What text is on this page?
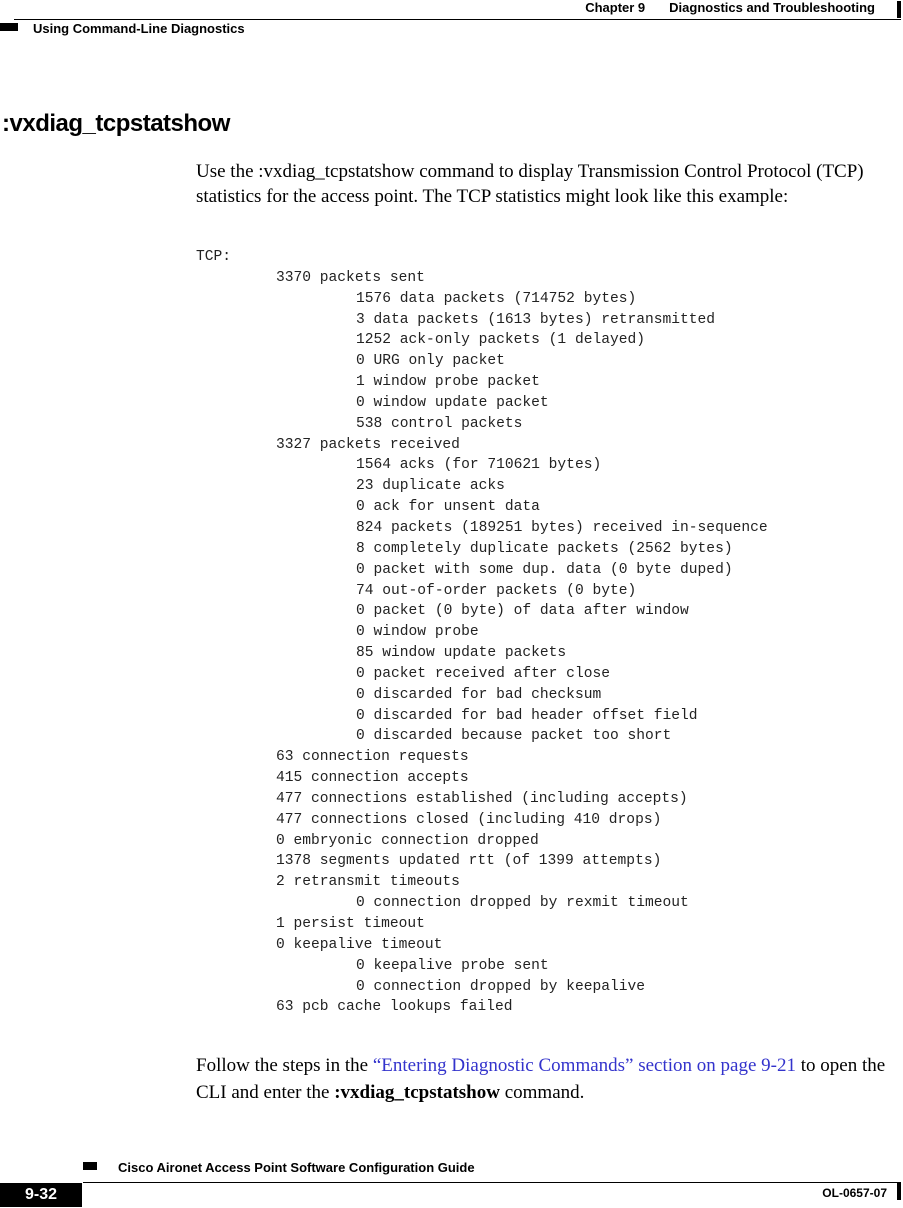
Chapter 9 Diagnostics and Troubleshooting
Using Command-Line Diagnostics
:vxdiag_tcpstatshow

Use the :vxdiag_tcpstatshow command to display Transmission Control Protocol (TCP) statistics for the access point. The TCP statistics might look like this example:

TCP:
3370 packets sent
1576 data packets (714752 bytes)
3 data packets (1613 bytes) retransmitted
1252 ack-only packets (1 delayed)
0 URG only packet
1 window probe packet
0 window update packet
538 control packets
3327 packets received
1564 acks (for 710621 bytes)
23 duplicate acks
0 ack for unsent data
824 packets (189251 bytes) received in-sequence
8 completely duplicate packets (2562 bytes)
0 packet with some dup. data (0 byte duped)
74 out-of-order packets (0 byte)
0 packet (0 byte) of data after window
0 window probe
85 window update packets
0 packet received after close
0 discarded for bad checksum
0 discarded for bad header offset field
0 discarded because packet too short
63 connection requests
415 connection accepts
477 connections established (including accepts)
477 connections closed (including 410 drops)
0 embryonic connection dropped
1378 segments updated rtt (of 1399 attempts)
2 retransmit timeouts
0 connection dropped by rexmit timeout
1 persist timeout
0 keepalive timeout
0 keepalive probe sent
0 connection dropped by keepalive
63 pcb cache lookups failed

Follow the steps in the “Entering Diagnostic Commands” section on page 9-21 to open the CLI and enter the :vxdiag_tcpstatshow command.

Cisco Aironet Access Point Software Configuration Guide
9-32	OL-0657-07
